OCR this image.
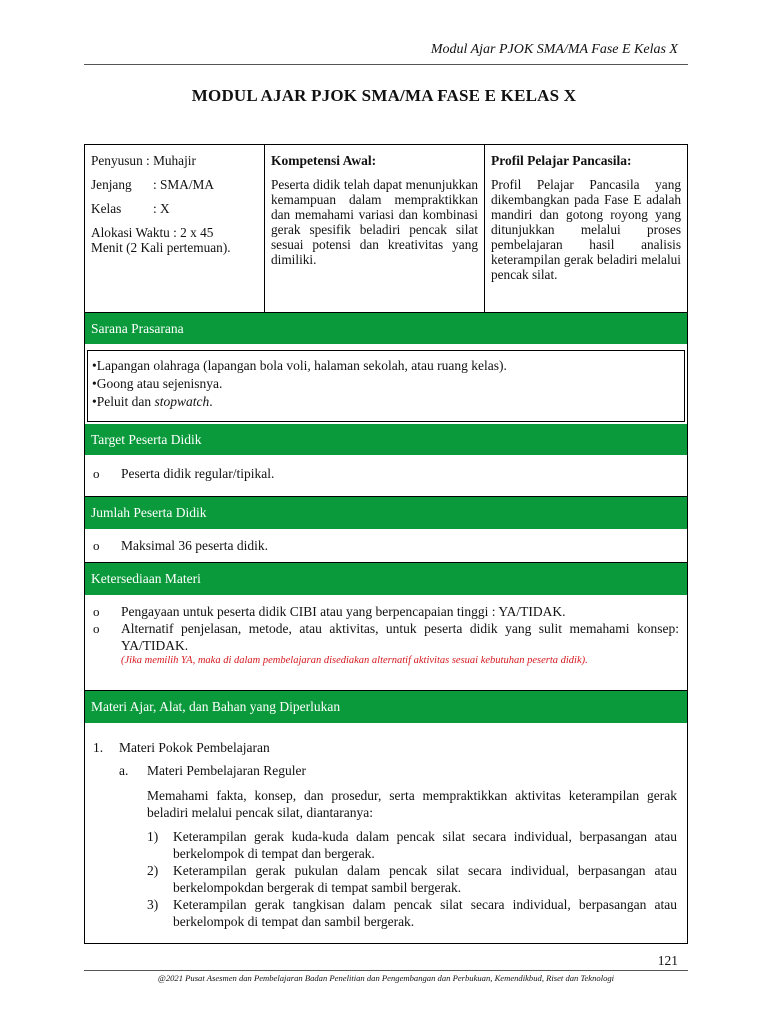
Modul Ajar PJOK SMA/MA Fase E Kelas X
MODUL AJAR PJOK SMA/MA FASE E KELAS X
Penyusun : Muhajir
Jenjang : SMA/MA
Kelas : X
Alokasi Waktu : 2 x 45
Menit (2 Kali pertemuan).
Kompetensi Awal:

Peserta didik telah dapat menunjukkan kemampuan dalam mempraktikkan dan memahami variasi dan kombinasi gerak spesifik beladiri pencak silat sesuai potensi dan kreativitas yang dimiliki.

Profil Pelajar Pancasila:

Profil Pelajar Pancasila yang dikembangkan pada Fase E adalah mandiri dan gotong royong yang ditunjukkan melalui proses pembelajaran hasil analisis keterampilan gerak beladiri melalui pencak silat.

Sarana Prasarana
•Lapangan olahraga (lapangan bola voli, halaman sekolah, atau ruang kelas).
•Goong atau sejenisnya.
•Peluit dan stopwatch.
Target Peserta Didik
o	Peserta didik regular/tipikal.
Jumlah Peserta Didik
o	Maksimal 36 peserta didik.
Ketersediaan Materi
o	Pengayaan untuk peserta didik CIBI atau yang berpencapaian tinggi : YA/TIDAK.
o	Alternatif penjelasan, metode, atau aktivitas, untuk peserta didik yang sulit memahami konsep: YA/TIDAK.
(Jika memilih YA, maka di dalam pembelajaran disediakan alternatif aktivitas sesuai kebutuhan peserta didik).
Materi Ajar, Alat, dan Bahan yang Diperlukan
1.	Materi Pokok Pembelajaran
a.	Materi Pembelajaran Reguler
Memahami fakta, konsep, dan prosedur, serta mempraktikkan aktivitas keterampilan gerak beladiri melalui pencak silat, diantaranya:
1)	Keterampilan gerak kuda-kuda dalam pencak silat secara individual, berpasangan atau berkelompok di tempat dan bergerak.
2)	Keterampilan gerak pukulan dalam pencak silat secara individual, berpasangan atau berkelompokdan bergerak di tempat sambil bergerak.
3)	Keterampilan gerak tangkisan dalam pencak silat secara individual, berpasangan atau berkelompok di tempat dan sambil bergerak.
121
@2021 Pusat Asesmen dan Pembelajaran Badan Penelitian dan Pengembangan dan Perbukuan, Kemendikbud, Riset dan Teknologi
